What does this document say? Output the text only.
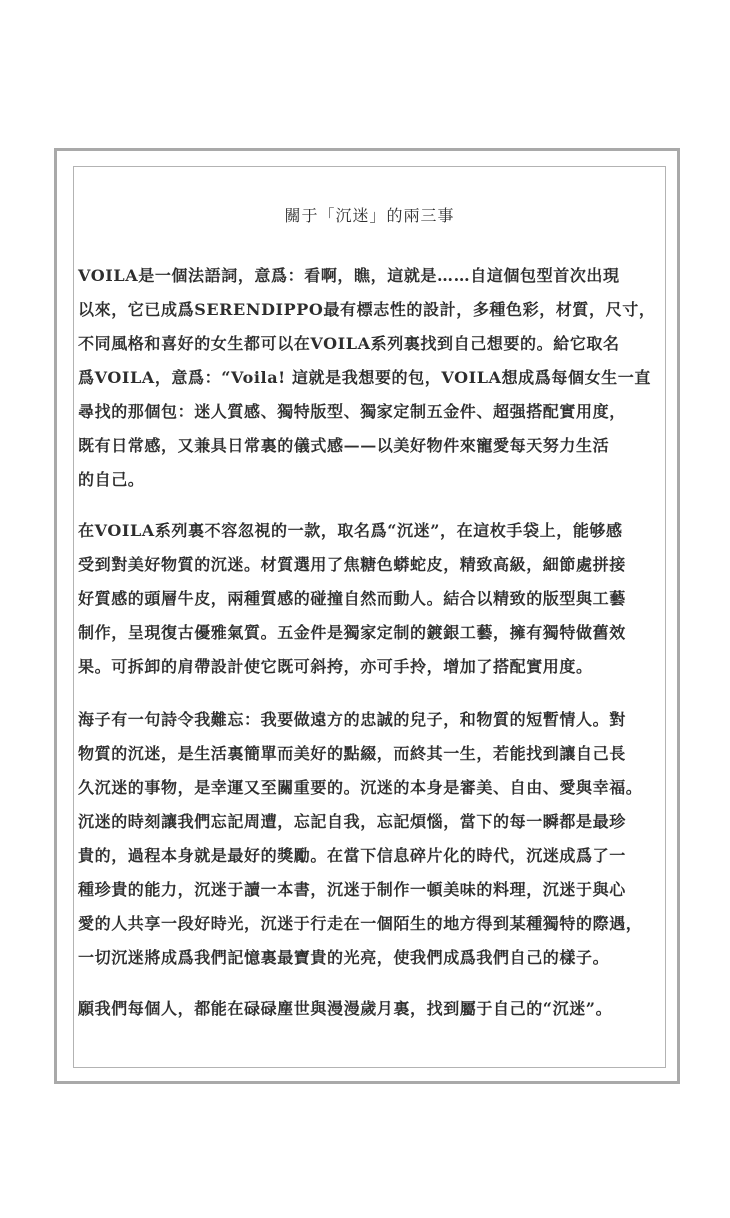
關于「沉迷」的兩三事

VOILA是一個法語詞，意爲：看啊，瞧，這就是……自這個包型首次出現
以來，它已成爲SERENDIPPO最有標志性的設計，多種色彩，材質，尺寸，
不同風格和喜好的女生都可以在VOILA系列裏找到自己想要的。給它取名
爲VOILA，意爲：“Voila! 這就是我想要的包，VOILA想成爲每個女生一直
尋找的那個包：迷人質感、獨特版型、獨家定制五金件、超强搭配實用度，
既有日常感，又兼具日常裏的儀式感——以美好物件來寵愛每天努力生活
的自己。

在VOILA系列裏不容忽視的一款，取名爲“沉迷”，在這枚手袋上，能够感
受到對美好物質的沉迷。材質選用了焦糖色蟒蛇皮，精致高級，細節處拼接
好質感的頭層牛皮，兩種質感的碰撞自然而動人。結合以精致的版型與工藝
制作，呈現復古優雅氣質。五金件是獨家定制的鍍銀工藝，擁有獨特做舊效
果。可拆卸的肩帶設計使它既可斜挎，亦可手拎，增加了搭配實用度。

海子有一句詩令我難忘：我要做遠方的忠誠的兒子，和物質的短暫情人。對
物質的沉迷，是生活裏簡單而美好的點綴，而終其一生，若能找到讓自己長
久沉迷的事物，是幸運又至關重要的。沉迷的本身是審美、自由、愛與幸福。
沉迷的時刻讓我們忘記周遭，忘記自我，忘記煩惱，當下的每一瞬都是最珍
貴的，過程本身就是最好的獎勵。在當下信息碎片化的時代，沉迷成爲了一
種珍貴的能力，沉迷于讀一本書，沉迷于制作一頓美味的料理，沉迷于與心
愛的人共享一段好時光，沉迷于行走在一個陌生的地方得到某種獨特的際遇，
一切沉迷將成爲我們記憶裏最寶貴的光亮，使我們成爲我們自己的樣子。

願我們每個人，都能在碌碌塵世與漫漫歲月裏，找到屬于自己的“沉迷”。
